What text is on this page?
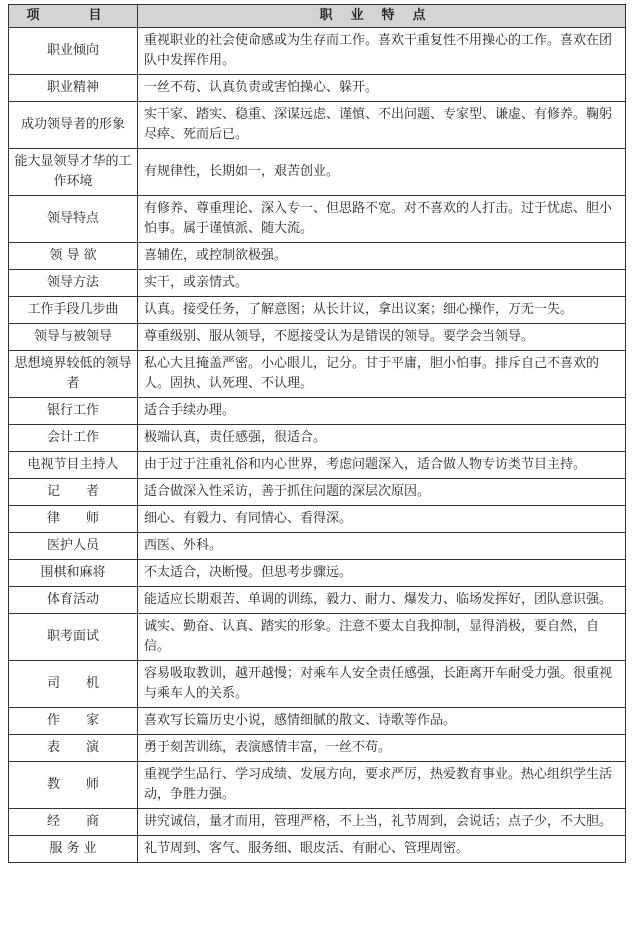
项　目	职业特点
职业倾向	重视职业的社会使命感或为生存而工作。喜欢干重复性不用操心的工作。喜欢在团队中发挥作用。
职业精神	一丝不苟、认真负责或害怕操心、躲开。
成功领导者的形象	实干家、踏实、稳重、深谋远虑、谨慎、不出问题、专家型、谦虚、有修养。鞠躬尽瘁、死而后已。
能大显领导才华的工作环境	有规律性，长期如一，艰苦创业。
领导特点	有修养、尊重理论、深入专一、但思路不宽。对不喜欢的人打击。过于忧虑、胆小怕事。属于谨慎派、随大流。
领 导 欲	喜辅佐，或控制欲极强。
领导方法	实干，或亲情式。
工作手段几步曲	认真。接受任务，了解意图；从长计议，拿出议案；细心操作，万无一失。
领导与被领导	尊重级别、服从领导，不愿接受认为是错误的领导。要学会当领导。
思想境界较低的领导者	私心大且掩盖严密。小心眼儿，记分。甘于平庸，胆小怕事。排斥自己不喜欢的人。固执、认死理、不认理。
银行工作	适合手续办理。
会计工作	极端认真，责任感强，很适合。
电视节目主持人	由于过于注重礼俗和内心世界，考虑问题深入，适合做人物专访类节目主持。
记　　者	适合做深入性采访，善于抓住问题的深层次原因。
律　　师	细心、有毅力、有同情心、看得深。
医护人员	西医、外科。
围棋和麻将	不太适合，决断慢。但思考步骤远。
体育活动	能适应长期艰苦、单调的训练，毅力、耐力、爆发力、临场发挥好，团队意识强。
职考面试	诚实、勤奋、认真、踏实的形象。注意不要太自我抑制，显得消极，要自然，自信。
司　　机	容易吸取教训，越开越慢；对乘车人安全责任感强，长距离开车耐受力强。很重视与乘车人的关系。
作　　家	喜欢写长篇历史小说，感情细腻的散文、诗歌等作品。
表　　演	勇于刻苦训练，表演感情丰富，一丝不苟。
教　　师	重视学生品行、学习成绩、发展方向，要求严厉，热爱教育事业。热心组织学生活动，争胜力强。
经　　商	讲究诚信，量才而用，管理严格，不上当，礼节周到，会说话；点子少，不大胆。
服 务 业	礼节周到、客气、服务细、眼皮活、有耐心、管理周密。
